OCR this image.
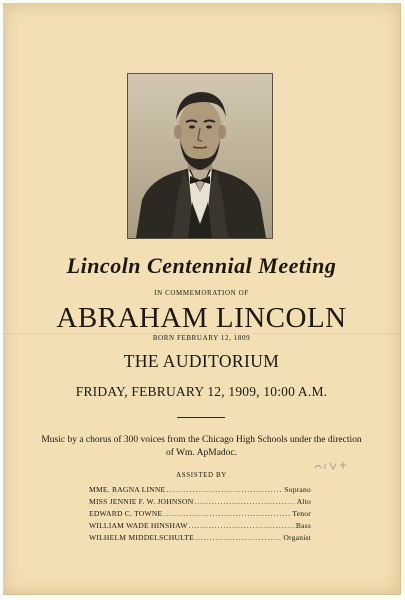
Lincoln Centennial Meeting
IN COMMEMORATION OF
ABRAHAM LINCOLN
BORN FEBRUARY 12, 1809
THE AUDITORIUM
FRIDAY, FEBRUARY 12, 1909, 10:00 A.M.
Music by a chorus of 300 voices from the Chicago High Schools under the direction of Wm. ApMadoc.
ASSISTED BY
MME. RAGNA LINNE .....	Soprano
MISS JENNIE F. W. JOHNSON .....	Alto
EDWARD C. TOWNE .....	Tenor
WILLIAM WADE HINSHAW .....	Bass
WILHELM MIDDELSCHULTE .....	Organist
